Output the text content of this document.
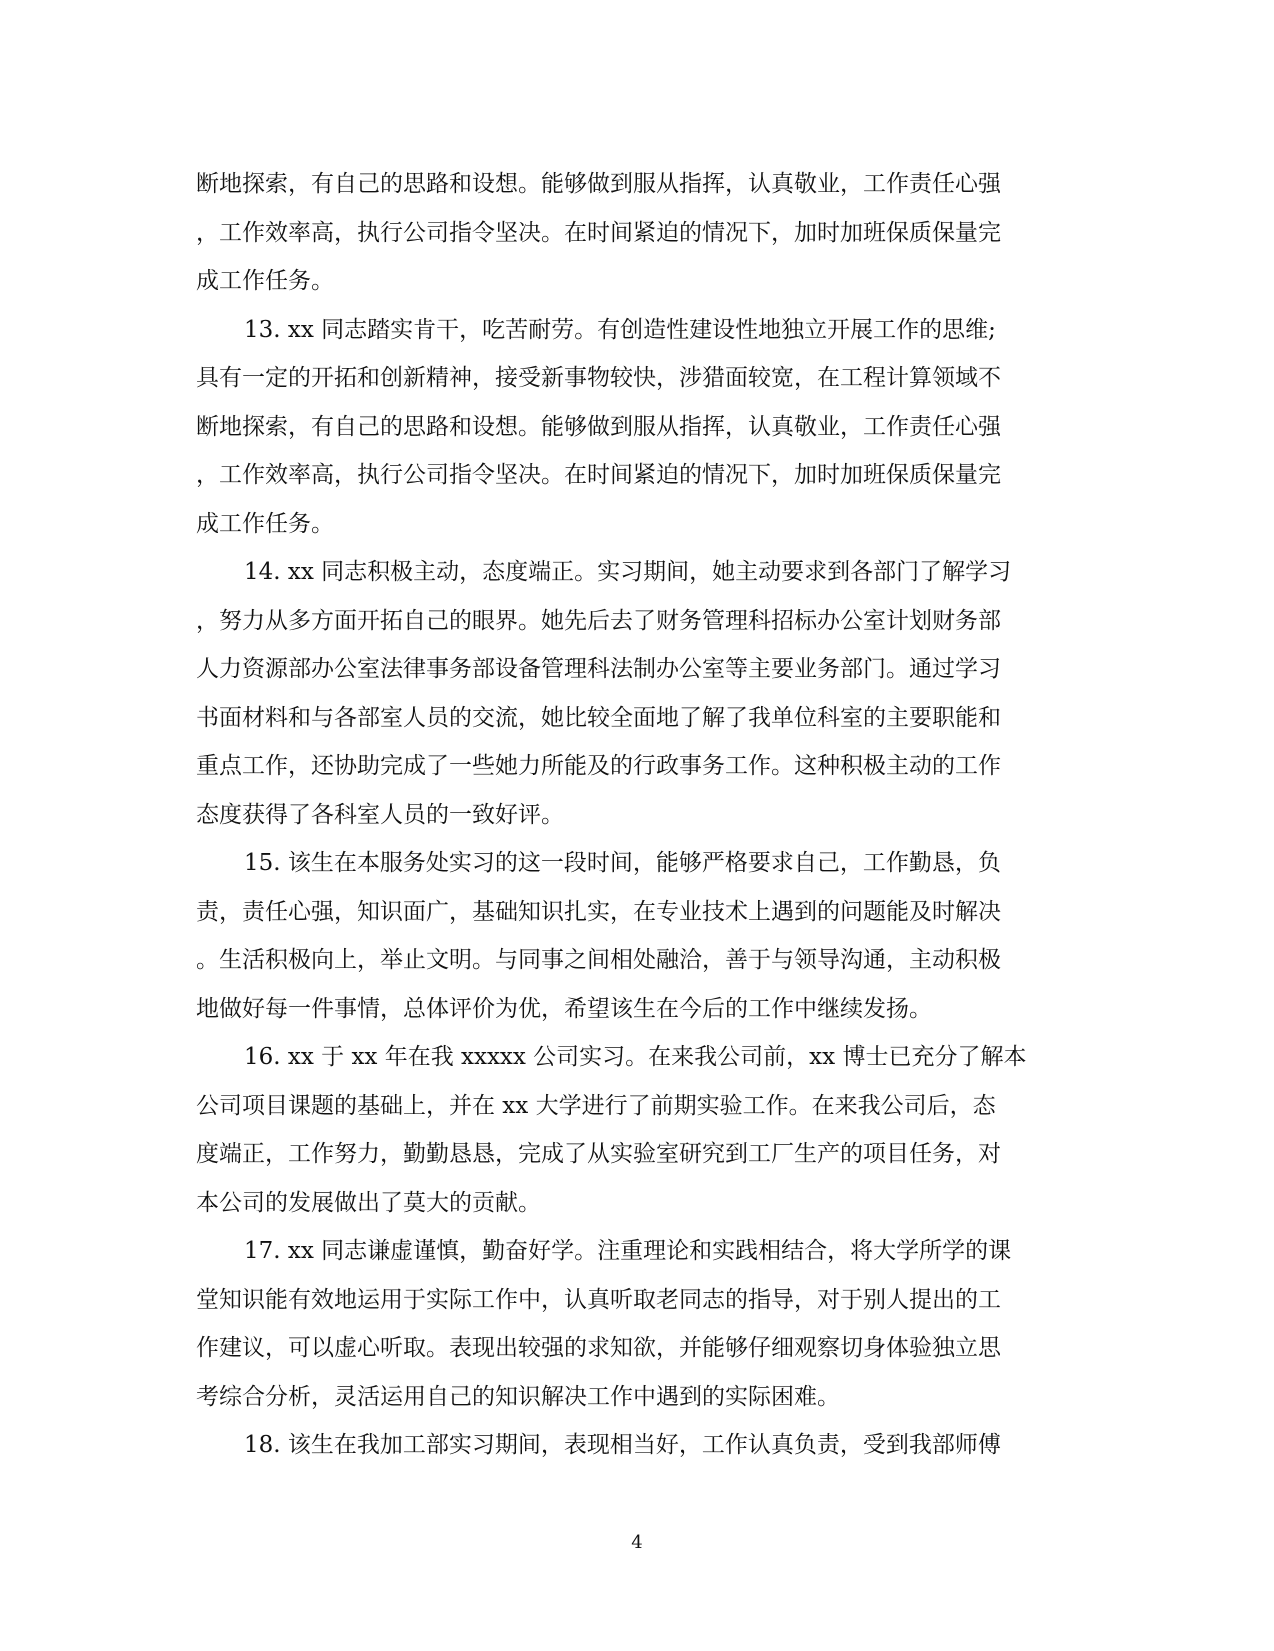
断地探索，有自己的思路和设想。能够做到服从指挥，认真敬业，工作责任心强
，工作效率高，执行公司指令坚决。在时间紧迫的情况下，加时加班保质保量完
成工作任务。
13. xx 同志踏实肯干，吃苦耐劳。有创造性建设性地独立开展工作的思维;
具有一定的开拓和创新精神，接受新事物较快，涉猎面较宽，在工程计算领域不
断地探索，有自己的思路和设想。能够做到服从指挥，认真敬业，工作责任心强
，工作效率高，执行公司指令坚决。在时间紧迫的情况下，加时加班保质保量完
成工作任务。
14. xx 同志积极主动，态度端正。实习期间，她主动要求到各部门了解学习
，努力从多方面开拓自己的眼界。她先后去了财务管理科招标办公室计划财务部
人力资源部办公室法律事务部设备管理科法制办公室等主要业务部门。通过学习
书面材料和与各部室人员的交流，她比较全面地了解了我单位科室的主要职能和
重点工作，还协助完成了一些她力所能及的行政事务工作。这种积极主动的工作
态度获得了各科室人员的一致好评。
15. 该生在本服务处实习的这一段时间，能够严格要求自己，工作勤恳，负
责，责任心强，知识面广，基础知识扎实，在专业技术上遇到的问题能及时解决
。生活积极向上，举止文明。与同事之间相处融洽，善于与领导沟通，主动积极
地做好每一件事情，总体评价为优，希望该生在今后的工作中继续发扬。
16. xx 于 xx 年在我 xxxxx 公司实习。在来我公司前，xx 博士已充分了解本
公司项目课题的基础上，并在 xx 大学进行了前期实验工作。在来我公司后，态
度端正，工作努力，勤勤恳恳，完成了从实验室研究到工厂生产的项目任务，对
本公司的发展做出了莫大的贡献。
17. xx 同志谦虚谨慎，勤奋好学。注重理论和实践相结合，将大学所学的课
堂知识能有效地运用于实际工作中，认真听取老同志的指导，对于别人提出的工
作建议，可以虚心听取。表现出较强的求知欲，并能够仔细观察切身体验独立思
考综合分析，灵活运用自己的知识解决工作中遇到的实际困难。
18. 该生在我加工部实习期间，表现相当好，工作认真负责，受到我部师傅
4
